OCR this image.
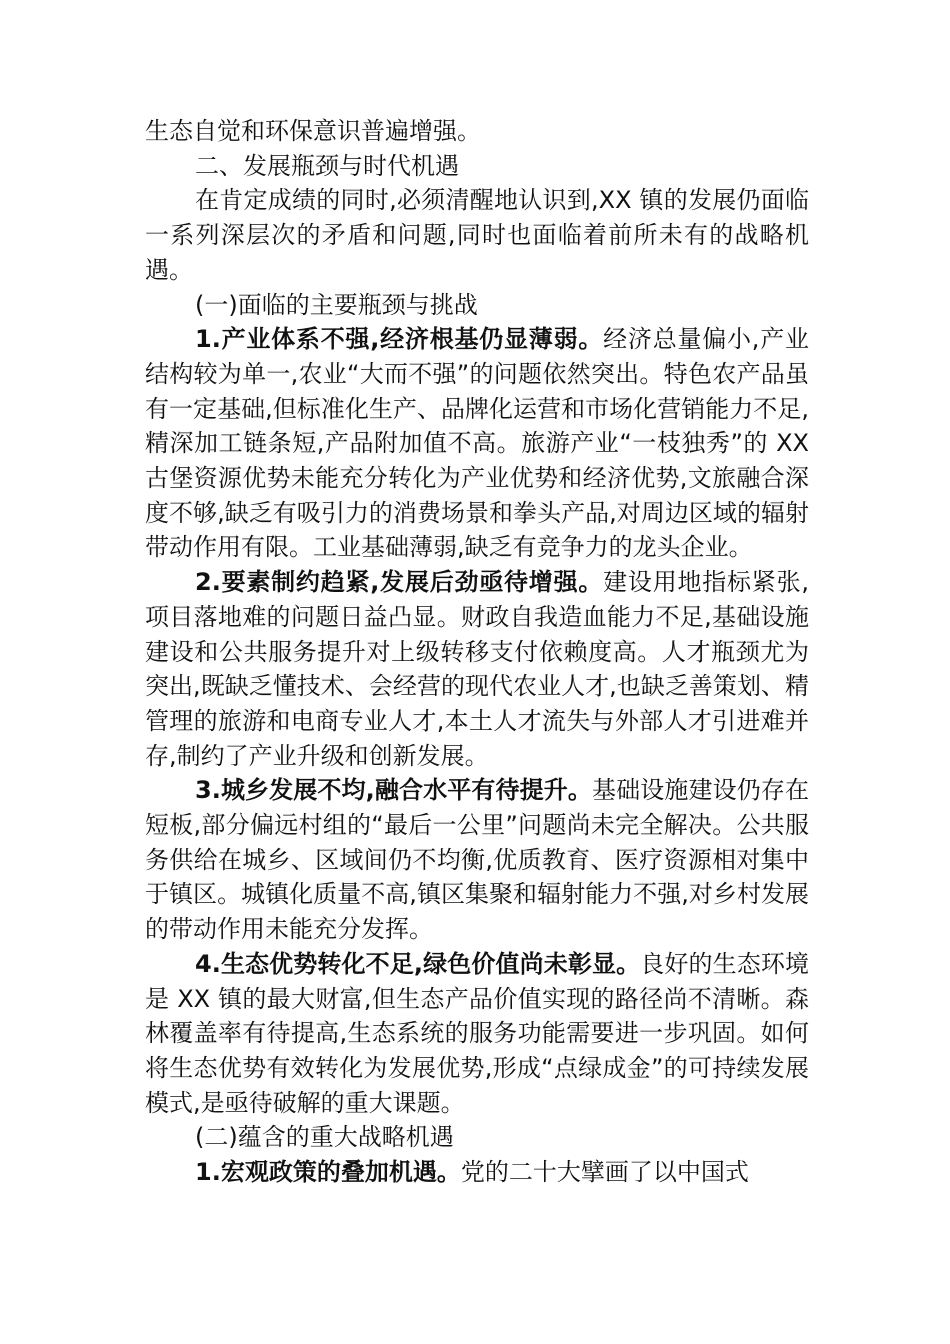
生态自觉和环保意识普遍增强。

二、发展瓶颈与时代机遇

在肯定成绩的同时,必须清醒地认识到,XX 镇的发展仍面临一系列深层次的矛盾和问题,同时也面临着前所未有的战略机遇。

(一)面临的主要瓶颈与挑战

1.产业体系不强,经济根基仍显薄弱。经济总量偏小,产业结构较为单一,农业“大而不强”的问题依然突出。特色农产品虽有一定基础,但标准化生产、品牌化运营和市场化营销能力不足,精深加工链条短,产品附加值不高。旅游产业“一枝独秀”的 XX 古堡资源优势未能充分转化为产业优势和经济优势,文旅融合深度不够,缺乏有吸引力的消费场景和拳头产品,对周边区域的辐射带动作用有限。工业基础薄弱,缺乏有竞争力的龙头企业。

2.要素制约趋紧,发展后劲亟待增强。建设用地指标紧张,项目落地难的问题日益凸显。财政自我造血能力不足,基础设施建设和公共服务提升对上级转移支付依赖度高。人才瓶颈尤为突出,既缺乏懂技术、会经营的现代农业人才,也缺乏善策划、精管理的旅游和电商专业人才,本土人才流失与外部人才引进难并存,制约了产业升级和创新发展。

3.城乡发展不均,融合水平有待提升。基础设施建设仍存在短板,部分偏远村组的“最后一公里”问题尚未完全解决。公共服务供给在城乡、区域间仍不均衡,优质教育、医疗资源相对集中于镇区。城镇化质量不高,镇区集聚和辐射能力不强,对乡村发展的带动作用未能充分发挥。

4.生态优势转化不足,绿色价值尚未彰显。良好的生态环境是 XX 镇的最大财富,但生态产品价值实现的路径尚不清晰。森林覆盖率有待提高,生态系统的服务功能需要进一步巩固。如何将生态优势有效转化为发展优势,形成“点绿成金”的可持续发展模式,是亟待破解的重大课题。

(二)蕴含的重大战略机遇

1.宏观政策的叠加机遇。党的二十大擘画了以中国式
